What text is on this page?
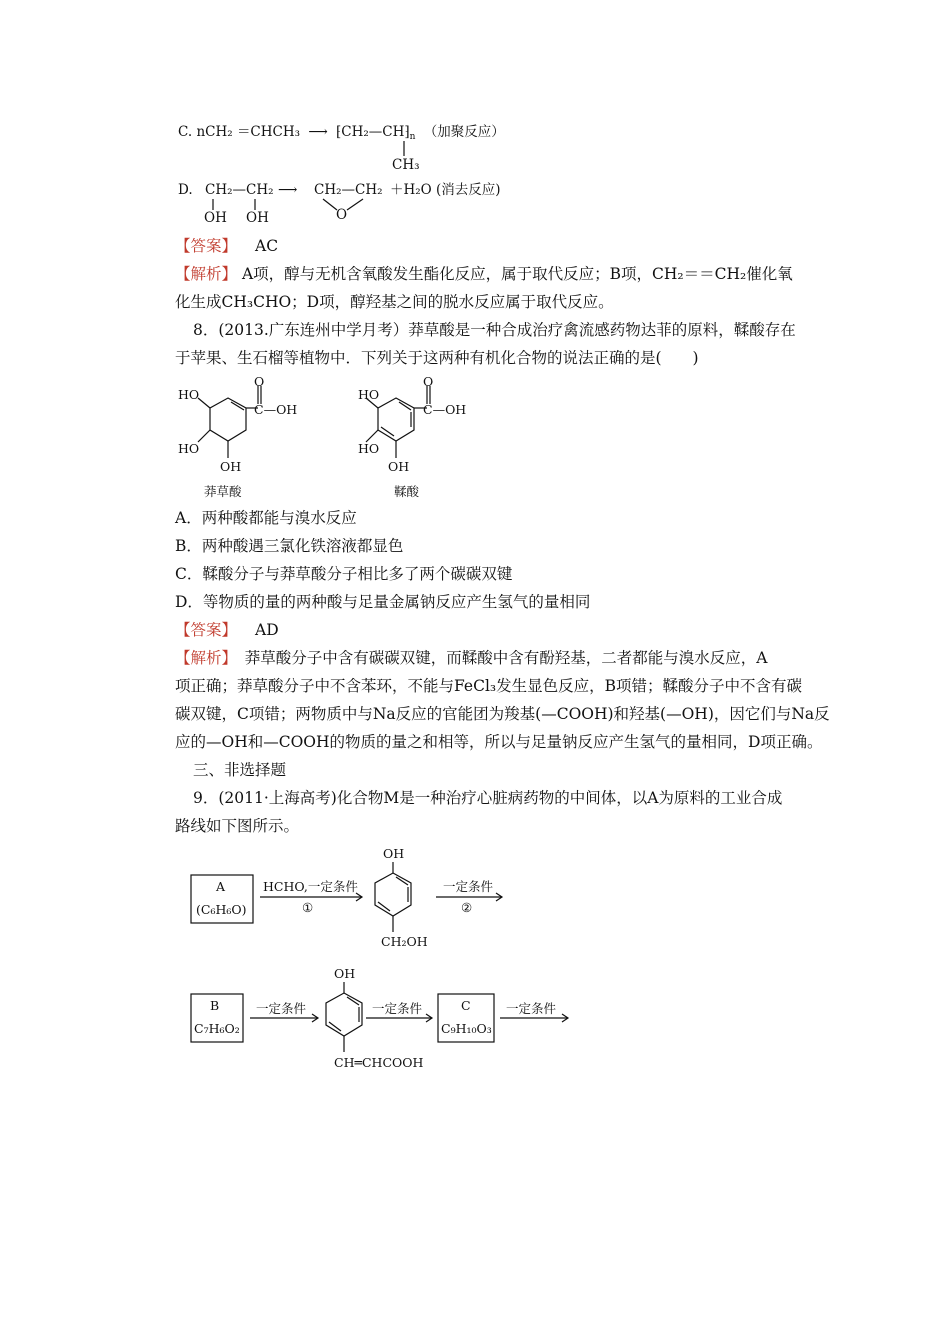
C. nCH₂ ＝CHCH₃ ⟶ $⁅CH_2—CH⁆_n$ （加聚反应）
CH₃
D. CH₂—CH₂
OH OH
⟶ CH₂—CH₂
O
＋H₂O (消去反应)
【答案】 AC
【解析】 A项，醇与无机含氧酸发生酯化反应，属于取代反应；B项，CH₂＝＝CH₂催化氧
化生成CH₃CHO；D项，醇羟基之间的脱水反应属于取代反应。
8．(2013.广东连州中学月考）莽草酸是一种合成治疗禽流感药物达菲的原料，鞣酸存在
于苹果、生石榴等植物中．下列关于这两种有机化合物的说法正确的是(　　)
O
HO
C—OH
HO
OH
莽草酸
O
HO
C—OH
HO
OH
鞣酸
A．两种酸都能与溴水反应
B．两种酸遇三氯化铁溶液都显色
C．鞣酸分子与莽草酸分子相比多了两个碳碳双键
D．等物质的量的两种酸与足量金属钠反应产生氢气的量相同
【答案】 AD
【解析】　莽草酸分子中含有碳碳双键，而鞣酸中含有酚羟基，二者都能与溴水反应，A
项正确；莽草酸分子中不含苯环，不能与FeCl₃发生显色反应，B项错；鞣酸分子中不含有碳
碳双键，C项错；两物质中与Na反应的官能团为羧基(—COOH)和羟基(—OH)，因它们与Na反
应的—OH和—COOH的物质的量之和相等，所以与足量钠反应产生氢气的量相同，D项正确。
三、非选择题
9．(2011·上海高考)化合物M是一种治疗心脏病药物的中间体，以A为原料的工业合成
路线如下图所示。
A
(C₆H₆O)
HCHO,一定条件
①
OH
CH₂OH
一定条件
②
B
C₇H₆O₂
一定条件
OH
CH═CHCOOH
一定条件	C
C₉H₁₀O₃
一定条件
